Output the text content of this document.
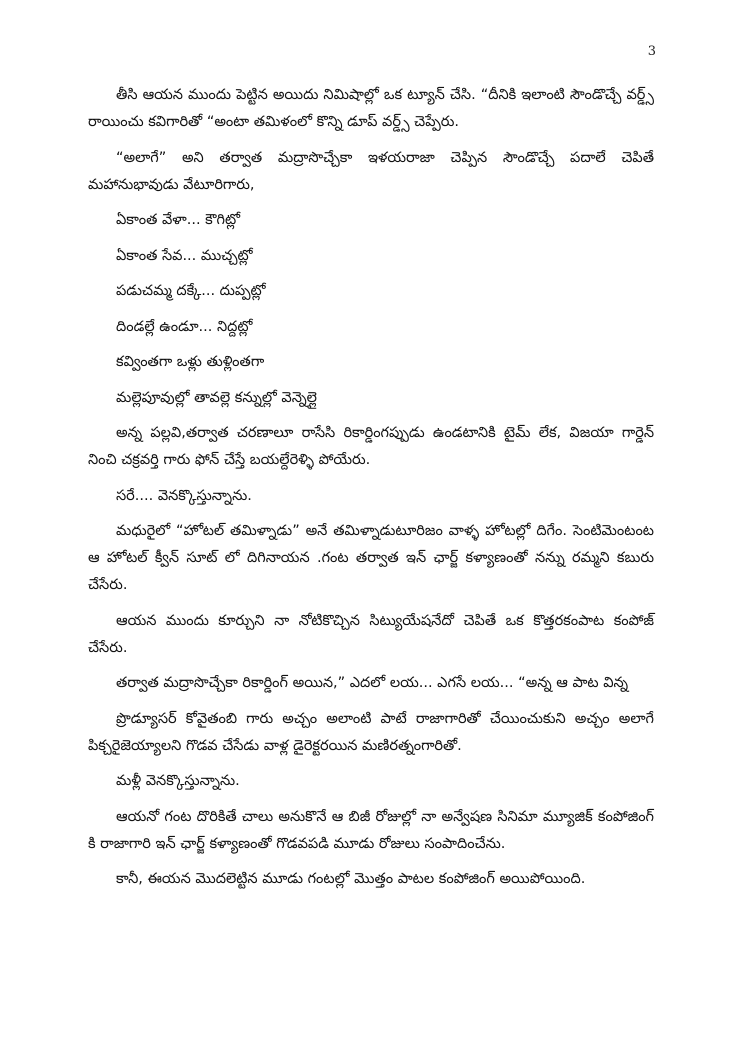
3

తీసి ఆయన ముందు పెట్టిన అయిదు నిమిషాల్లో ఒక ట్యూన్ చేసి. “దీనికి ఇలాంటి సౌండొచ్చే వర్డ్స్ రాయించు కవిగారితో “అంటా తమిళంలో కొన్ని డూప్ వర్డ్స్ చెప్పేరు.

“అలాగే” అని తర్వాత మద్రాసొచ్చేకా ఇళయరాజా చెప్పిన సౌండొచ్చే పదాలే చెపితే మహానుభావుడు వేటూరిగారు,

ఏకాంత వేళా... కౌగిట్లో

ఏకాంత సేవ... ముచ్చట్లో

పడుచమ్మ దక్కే... దుప్పట్లో

దిండల్లే ఉండూ... నిద్దట్లో

కవ్వింతగా ఒళ్లు తుళ్లింతగా

మల్లెపూవుల్లో తావల్లె కన్నుల్లో వెన్నెల్లై

అన్న పల్లవి,తర్వాత చరణాలూ రాసేసి రికార్డింగప్పుడు ఉండటానికి టైమ్ లేక, విజయా గార్డెన్ నించి చక్రవర్తి గారు ఫోన్ చేస్తే బయల్దేరెళ్ళి పోయేరు.

సరే.... వెనక్కొస్తున్నాను.

మధురైలో “హోటల్ తమిళ్నాడు” అనే తమిళ్నాడుటూరిజం వాళ్ళ హోటల్లో దిగేం. సెంటిమెంటంట ఆ హోటల్ క్వీన్ సూట్ లో దిగినాయన .గంట తర్వాత ఇన్ ఛార్జ్ కళ్యాణంతో నన్ను రమ్మని కబురు చేసేరు.

ఆయన ముందు కూర్చుని నా నోటికొచ్చిన సిట్యుయేషనేదో చెపితే ఒక కొత్తరకంపాట కంపోజ్ చేసేరు.

తర్వాత మద్రాసొచ్చేకా రికార్డింగ్ అయిన,” ఎదలో లయ... ఎగసే లయ... “అన్న ఆ పాట విన్న

ప్రొడ్యూసర్ కోవైతంబి గారు అచ్చం అలాంటి పాటే రాజాగారితో చేయించుకుని అచ్చం అలాగే పిక్చరైజెయ్యాలని గొడవ చేసేడు వాళ్ల డైరెక్టరయిన మణిరత్నంగారితో.

మళ్లీ వెనక్కొస్తున్నాను.

ఆయనో గంట దొరికితే చాలు అనుకొనే ఆ బిజీ రోజుల్లో నా అన్వేషణ సినిమా మ్యూజిక్ కంపోజింగ్ కి రాజాగారి ఇన్ ఛార్జ్ కళ్యాణంతో గొడవపడి మూడు రోజులు సంపాదించేను.

కానీ, ఈయన మొదలెట్టిన మూడు గంటల్లో మొత్తం పాటల కంపోజింగ్ అయిపోయింది.
